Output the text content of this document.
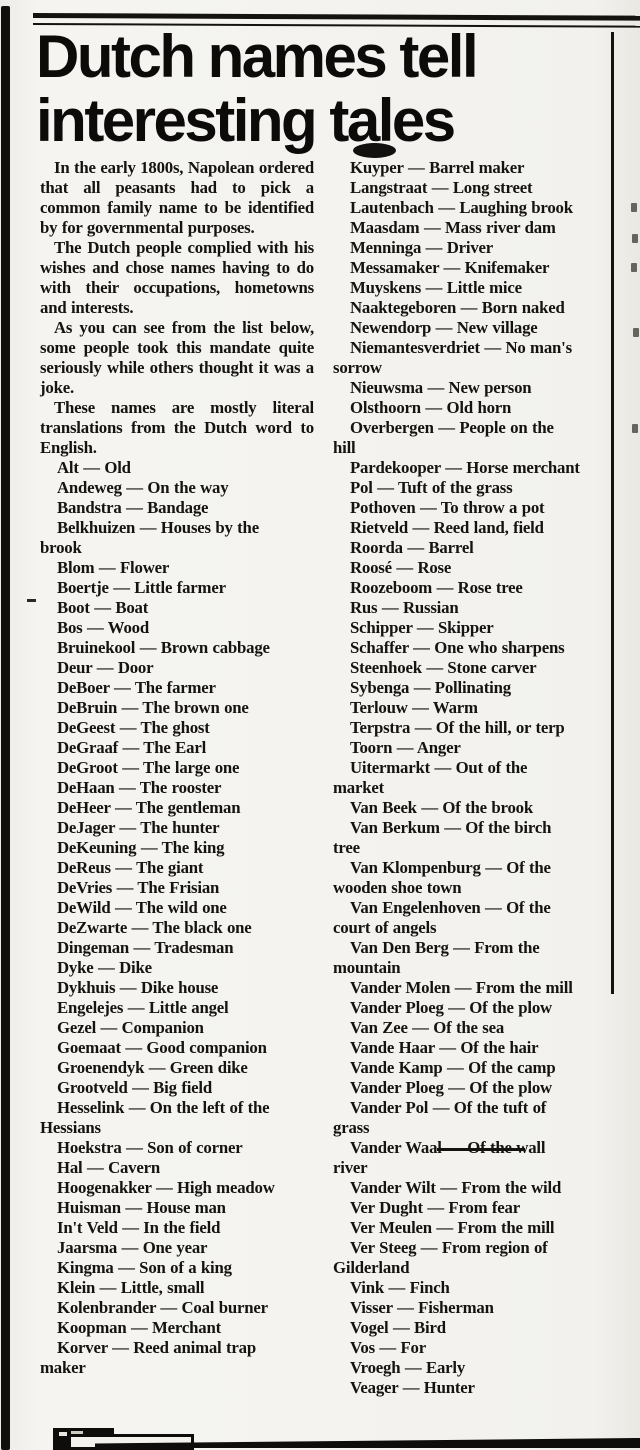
Dutch names tell
interesting tales

In the early 1800s, Napolean ordered that all peasants had to pick a common family name to be identified by for governmental purposes.

The Dutch people complied with his wishes and chose names having to do with their occupations, hometowns and interests.

As you can see from the list below, some people took this mandate quite seriously while others thought it was a joke.

These names are mostly literal translations from the Dutch word to English.

Alt — Old

Andeweg — On the way

Bandstra — Bandage

Belkhuizen — Houses by the
brook

Blom — Flower

Boertje — Little farmer

Boot — Boat

Bos — Wood

Bruinekool — Brown cabbage

Deur — Door

DeBoer — The farmer

DeBruin — The brown one

DeGeest — The ghost

DeGraaf — The Earl

DeGroot — The large one

DeHaan — The rooster

DeHeer — The gentleman

DeJager — The hunter

DeKeuning — The king

DeReus — The giant

DeVries — The Frisian

DeWild — The wild one

DeZwarte — The black one

Dingeman — Tradesman

Dyke — Dike

Dykhuis — Dike house

Engelejes — Little angel

Gezel — Companion

Goemaat — Good companion

Groenendyk — Green dike

Grootveld — Big field

Hesselink — On the left of the
Hessians

Hoekstra — Son of corner

Hal — Cavern

Hoogenakker — High meadow

Huisman — House man

In't Veld — In the field

Jaarsma — One year

Kingma — Son of a king

Klein — Little, small

Kolenbrander — Coal burner

Koopman — Merchant

Korver — Reed animal trap
maker

Kuyper — Barrel maker

Langstraat — Long street

Lautenbach — Laughing brook

Maasdam — Mass river dam

Menninga — Driver

Messamaker — Knifemaker

Muyskens — Little mice

Naaktegeboren — Born naked

Newendorp — New village

Niemantesverdriet — No man's
sorrow

Nieuwsma — New person

Olsthoorn — Old horn

Overbergen — People on the
hill

Pardekooper — Horse merchant

Pol — Tuft of the grass

Pothoven — To throw a pot

Rietveld — Reed land, field

Roorda — Barrel

Roosé — Rose

Roozeboom — Rose tree

Rus — Russian

Schipper — Skipper

Schaffer — One who sharpens

Steenhoek — Stone carver

Sybenga — Pollinating

Terlouw — Warm

Terpstra — Of the hill, or terp

Toorn — Anger

Uitermarkt — Out of the
market

Van Beek — Of the brook

Van Berkum — Of the birch
tree

Van Klompenburg — Of the
wooden shoe town

Van Engelenhoven — Of the
court of angels

Van Den Berg — From the
mountain

Vander Molen — From the mill

Vander Ploeg — Of the plow

Van Zee — Of the sea

Vande Haar — Of the hair

Vande Kamp — Of the camp

Vander Ploeg — Of the plow

Vander Pol — Of the tuft of
grass

Vander Waal — Of the wall
river

Vander Wilt — From the wild

Ver Dught — From fear

Ver Meulen — From the mill

Ver Steeg — From region of
Gilderland

Vink — Finch

Visser — Fisherman

Vogel — Bird

Vos — For

Vroegh — Early

Veager — Hunter
